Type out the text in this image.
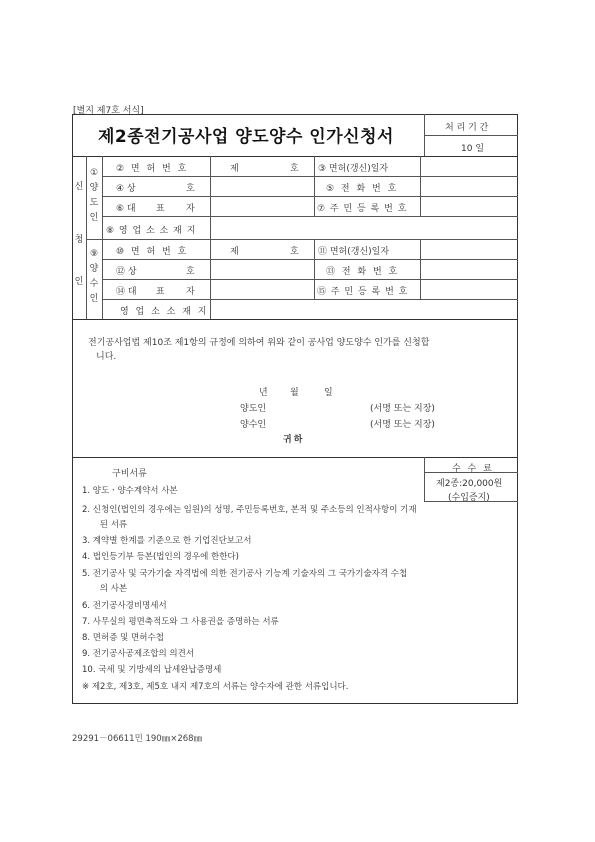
[별지 제7호 서식]
제2종전기공사업 양도양수 인가신청서	처 리 기 간
10 일
신
청
인
①
양
도
인
② 면 허 번 호	제	호 ③ 면허(갱신)일자
④ 상	호	⑤ 전 화 번 호
⑥ 대 표 자	⑦ 주 민 등 록 번 호
⑧ 영 업 소 소 재 지
⑨
양
수
인
⑩ 면 허 번 호	제	호 ⑪ 면허(갱신)일자
⑫ 상	호	⑬ 전 화 번 호
⑭ 대 표 자	⑮ 주 민 등 록 번 호
영 업 소 소 재 지
전기공사업법 제10조 제1항의 규정에 의하여 위와 같이 공사업 양도양수 인가를 신청합
니다.
년 월	일
양도인	(서명 또는 지장)
양수인	(서명 또는 지장)
귀하
수 수 료
제2종:20,000원
(수입증지)
구비서류
1. 양도ㆍ양수계약서 사본
2. 신청인(법인의 경우에는 임원)의 성명, 주민등록번호, 본적 및 주소등의 인적사항이 기재
된 서류
3. 계약별 한계를 기준으로 한 기업진단보고서
4. 법인등기부 등본(법인의 경우에 한한다)
5. 전기공사 및 국가기술 자격법에 의한 전기공사 기능계 기술자의 그 국가기술자격 수첩
의 사본
6. 전기공사경비명세서
7. 사무실의 평면축적도와 그 사용권을 증명하는 서류
8. 면허증 및 면허수첩
9. 전기공사공제조합의 의견서
10. 국세 및 기방세의 납세완납증명세
※ 제2호, 제3호, 제5호 내지 제7호의 서류는 양수자에 관한 서류입니다.
29291－06611민 190㎜×268㎜
